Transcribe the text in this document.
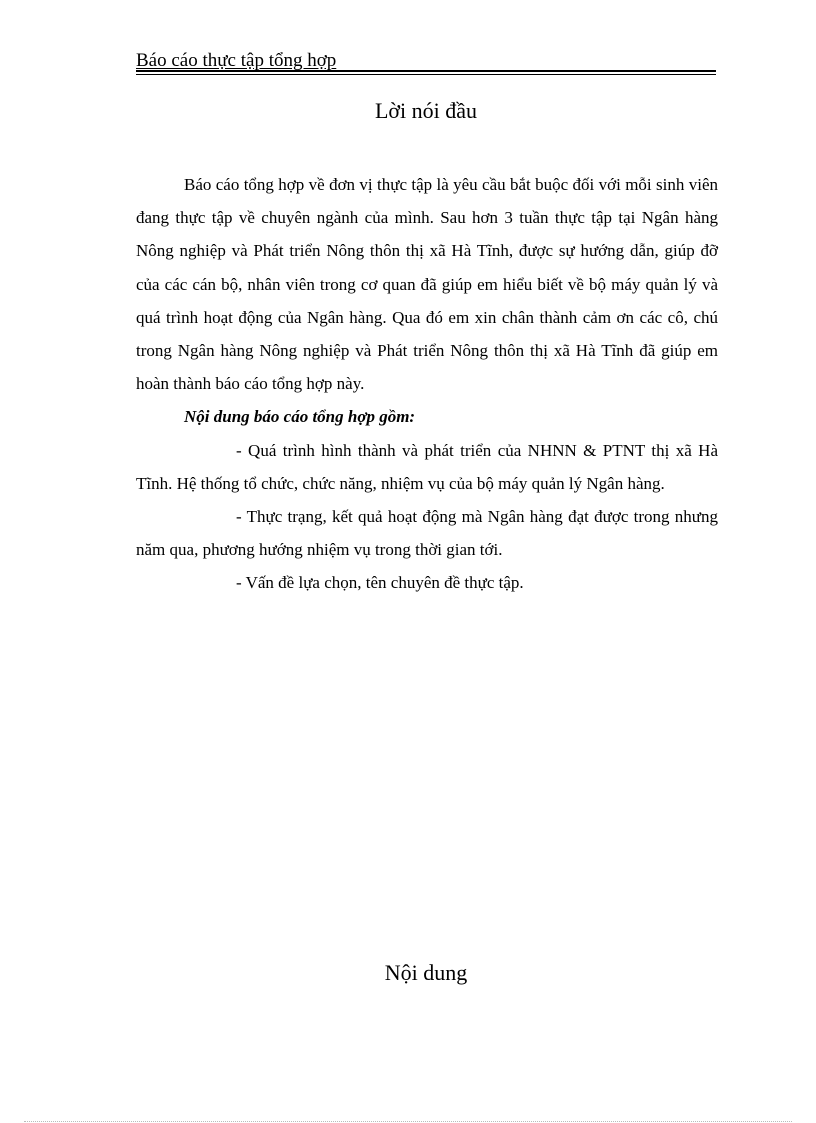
Báo cáo thực tập tổng hợp
Lời nói đầu

Báo cáo tổng hợp về đơn vị thực tập là yêu cầu bắt buộc đối với mỗi sinh viên đang thực tập về chuyên ngành của mình. Sau hơn 3 tuần thực tập tại Ngân hàng Nông nghiệp và Phát triển Nông thôn thị xã Hà Tĩnh, được sự hướng dẫn, giúp đỡ của các cán bộ, nhân viên trong cơ quan đã giúp em hiểu biết về bộ máy quản lý và quá trình hoạt động của Ngân hàng. Qua đó em xin chân thành cảm ơn các cô, chú trong Ngân hàng Nông nghiệp và Phát triển Nông thôn thị xã Hà Tĩnh đã giúp em hoàn thành báo cáo tổng hợp này.

Nội dung báo cáo tổng hợp gồm:

- Quá trình hình thành và phát triển của NHNN & PTNT thị xã Hà Tĩnh. Hệ thống tổ chức, chức năng, nhiệm vụ của bộ máy quản lý Ngân hàng.

- Thực trạng, kết quả hoạt động mà Ngân hàng đạt được trong nhưng năm qua, phương hướng nhiệm vụ trong thời gian tới.

- Vấn đề lựa chọn, tên chuyên đề thực tập.

Nội dung
